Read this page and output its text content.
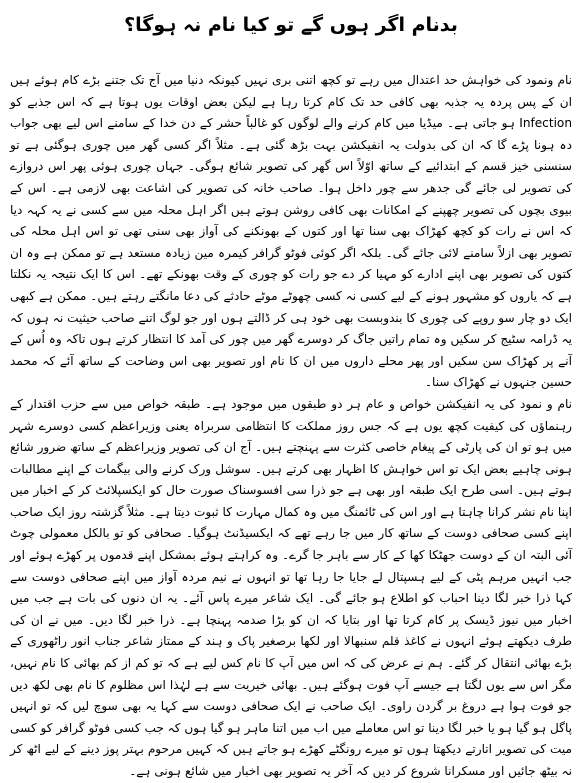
بدنام اگر ہوں گے تو کیا نام نہ ہوگا؟

نام ونمود کی خواہش حد اعتدال میں رہے تو کچھ اتنی بری نہیں کیونکہ دنیا میں آج تک جتنے بڑے کام ہوئے ہیں ان کے پس پردہ یہ جذبہ بھی کافی حد تک کام کرتا رہا ہے لیکن بعض اوقات یوں ہوتا ہے کہ اس جذبے کو Infection ہو جاتی ہے۔ میڈیا میں کام کرنے والے لوگوں کو غالباً حشر کے دن خدا کے سامنے اس لیے بھی جواب دہ ہونا پڑے گا کہ ان کی بدولت یہ انفیکشن بہت بڑھ گئی ہے۔ مثلاً اگر کسی گھر میں چوری ہوگئی ہے تو سنسنی خیز قسم کے ابتدائیے کے ساتھ اوّلاً اس گھر کی تصویر شائع ہوگی۔ جہاں چوری ہوئی پھر اس دروازے کی تصویر لی جائے گی جدھر سے چور داخل ہوا۔ صاحب خانہ کی تصویر کی اشاعت بھی لازمی ہے۔ اس کے بیوی بچوں کی تصویر چھپنے کے امکانات بھی کافی روشن ہوتے ہیں اگر اہل محلہ میں سے کسی نے یہ کہہ دیا کہ اس نے رات کو کچھ کھڑاک بھی سنا تھا اور کتوں کے بھونکنے کی آواز بھی سنی تھی تو اس اہل محلہ کی تصویر بھی ازلاً سامنے لائی جائے گی۔ بلکہ اگر کوئی فوٹو گرافر کیمرہ مین زیادہ مستعد ہے تو ممکن ہے وہ ان کتوں کی تصویر بھی اپنے ادارے کو مہیا کر دے جو رات کو چوری کے وقت بھونکے تھے۔ اس کا ایک نتیجہ یہ نکلتا ہے کہ یاروں کو مشہور ہونے کے لیے کسی نہ کسی چھوٹے موٹے حادثے کی دعا مانگتے رہتے ہیں۔ ممکن ہے کبھی ایک دو چار سو روپے کی چوری کا بندوبست بھی خود ہی کر ڈالتے ہوں اور جو لوگ اتنے صاحب حیثیت نہ ہوں کہ یہ ڈرامہ سٹیج کر سکیں وہ تمام راتیں جاگ کر دوسرے گھر میں چور کی آمد کا انتظار کرتے ہوں تاکہ وہ اُس کے آنے پر کھڑاک سن سکیں اور پھر محلے داروں میں ان کا نام اور تصویر بھی اس وضاحت کے ساتھ آئے کہ محمد حسین جنہوں نے کھڑاک سنا۔

نام و نمود کی یہ انفیکشن خواص و عام ہر دو طبقوں میں موجود ہے۔ طبقہ خواص میں سے حزب اقتدار کے رہنماؤں کی کیفیت کچھ یوں ہے کہ جس روز مملکت کا انتظامی سربراہ یعنی وزیراعظم کسی دوسرے شہر میں ہو تو ان کی پارٹی کے پیغام خاصی کثرت سے پہنچتے ہیں۔ آج ان کی تصویر وزیراعظم کے ساتھ ضرور شائع ہونی چاہیے بعض ایک تو اس خواہش کا اظہار بھی کرتے ہیں۔ سوشل ورک کرنے والی بیگمات کے اپنے مطالبات ہوتے ہیں۔ اسی طرح ایک طبقہ اور بھی ہے جو ذرا سی افسوسناک صورت حال کو ایکسپلائٹ کر کے اخبار میں اپنا نام نشر کرانا چاہتا ہے اور اس کی ٹائمنگ میں وہ کمال مہارت کا ثبوت دیتا ہے۔ مثلاً گزشتہ روز ایک صاحب اپنے کسی صحافی دوست کے ساتھ کار میں جا رہے تھے کہ ایکسیڈنٹ ہوگیا۔ صحافی کو تو بالکل معمولی چوٹ آئی البتہ ان کے دوست جھٹکا کھا کے کار سے باہر جا گرے۔ وہ کراہتے ہوئے بمشکل اپنے قدموں پر کھڑے ہوئے اور جب انہیں مرہم پٹی کے لیے ہسپتال لے جایا جا رہا تھا تو انہوں نے نیم مردہ آواز میں اپنے صحافی دوست سے کہا ذرا خبر لگا دینا احباب کو اطلاع ہو جائے گی۔ ایک شاعر میرے پاس آئے۔ یہ ان دنوں کی بات ہے جب میں اخبار میں نیوز ڈیسک پر کام کرتا تھا اور بتایا کہ ان کو بڑا صدمہ پہنچا ہے۔ ذرا خبر لگا دیں۔ میں نے ان کی طرف دیکھتے ہوئے انہوں نے کاغذ قلم سنبھالا اور لکھا برصغیر پاک و ہند کے ممتاز شاعر جناب انور راٹھوری کے بڑے بھائی انتقال کر گئے۔ ہم نے عرض کی کہ اس میں آپ کا نام کس لیے ہے کہ تو کم از کم بھائی کا نام نہیں، مگر اس سے یوں لگتا ہے جیسے آپ فوت ہوگئے ہیں۔ بھائی خیریت سے ہے لہٰذا اس مظلوم کا نام بھی لکھ دیں جو فوت ہوا ہے دروغ بر گردن راوی۔ ایک صاحب نے ایک صحافی دوست سے کہا یہ بھی سوچ لیں کہ تو انہیں پاگل ہو گیا ہو یا خبر لگا دینا تو اس معاملے میں اب میں اتنا ماہر ہو گیا ہوں کہ جب کسی فوٹو گرافر کو کسی میت کی تصویر اتارتے دیکھتا ہوں تو میرے رونگٹے کھڑے ہو جاتے ہیں کہ کہیں مرحوم بہتر پوز دینے کے لیے اٹھ کر نہ بیٹھ جائیں اور مسکرانا شروع کر دیں کہ آخر یہ تصویر بھی اخبار میں شائع ہونی ہے۔
